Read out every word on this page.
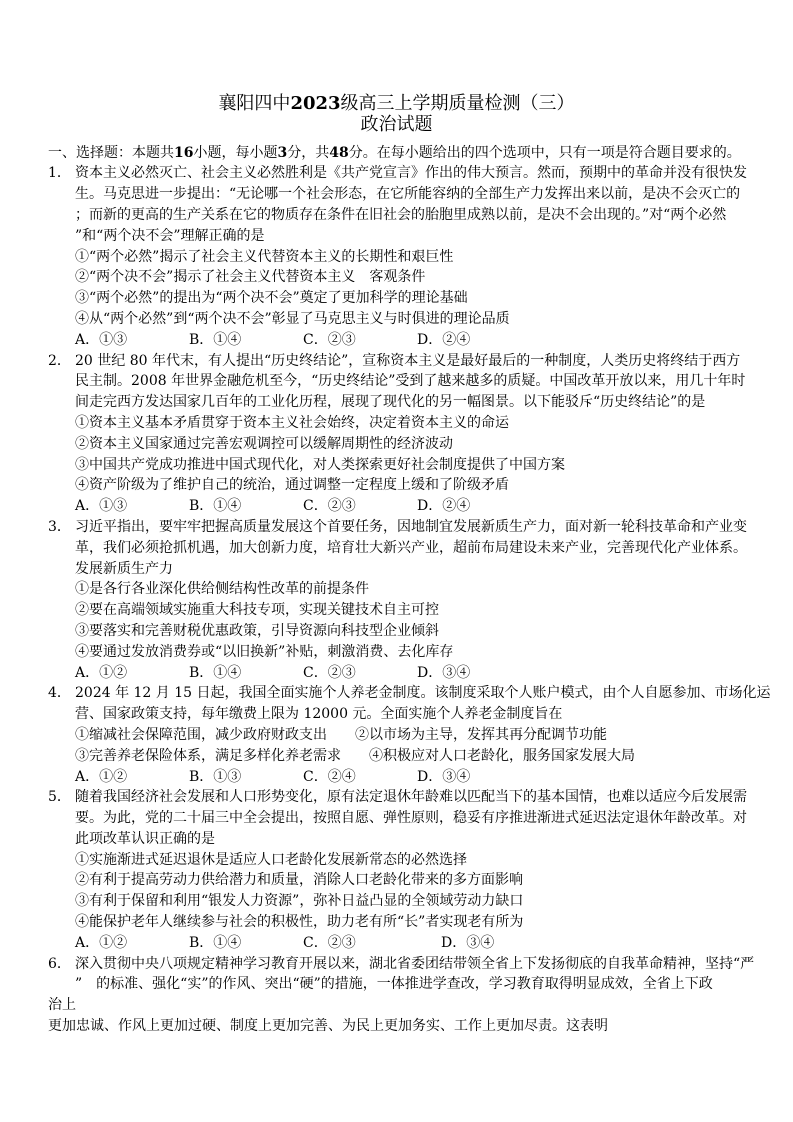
襄阳四中2023级高三上学期质量检测（三）
政治试题
一、选择题：本题共16小题，每小题3分，共48分。在每小题给出的四个选项中，只有一项是符合题目要求的。
1． 资本主义必然灭亡、社会主义必然胜利是《共产党宣言》作出的伟大预言。然而，预期中的革命并没有很快发
生。马克思进一步提出：“无论哪一个社会形态，在它所能容纳的全部生产力发挥出来以前，是决不会灭亡的
；而新的更高的生产关系在它的物质存在条件在旧社会的胎胞里成熟以前，是决不会出现的。”对“两个必然
”和“两个决不会”理解正确的是
①“两个必然”揭示了社会主义代替资本主义的长期性和艰巨性
②“两个决不会”揭示了社会主义代替资本主义　客观条件
③“两个必然”的提出为“两个决不会”奠定了更加科学的理论基础
④从“两个必然”到“两个决不会”彰显了马克思主义与时俱进的理论品质
A．①③	B．①④	C．②③	D．②④
2． 20 世纪 80 年代末，有人提出“历史终结论”，宣称资本主义是最好最后的一种制度，人类历史将终结于西方
民主制。2008 年世界金融危机至今，“历史终结论”受到了越来越多的质疑。中国改革开放以来，用几十年时
间走完西方发达国家几百年的工业化历程，展现了现代化的另一幅图景。以下能驳斥“历史终结论”的是
①资本主义基本矛盾贯穿于资本主义社会始终，决定着资本主义的命运
②资本主义国家通过完善宏观调控可以缓解周期性的经济波动
③中国共产党成功推进中国式现代化，对人类探索更好社会制度提供了中国方案
④资产阶级为了维护自己的统治，通过调整一定程度上缓和了阶级矛盾
A．①③	B．①④	C．②③	D．②④
3． 习近平指出，要牢牢把握高质量发展这个首要任务，因地制宜发展新质生产力，面对新一轮科技革命和产业变
革，我们必须抢抓机遇，加大创新力度，培育壮大新兴产业，超前布局建设未来产业，完善现代化产业体系。
发展新质生产力
①是各行各业深化供给侧结构性改革的前提条件
②要在高端领域实施重大科技专项，实现关键技术自主可控
③要落实和完善财税优惠政策，引导资源向科技型企业倾斜
④要通过发放消费券或“以旧换新”补贴，刺激消费、去化库存
A．①②	B．①④	C．②③	D．③④
4． 2024 年 12 月 15 日起，我国全面实施个人养老金制度。该制度采取个人账户模式，由个人自愿参加、市场化运
营、国家政策支持，每年缴费上限为 12000 元。全面实施个人养老金制度旨在
①缩减社会保障范围，减少政府财政支出 ②以市场为主导，发挥其再分配调节功能
③完善养老保险体系，满足多样化养老需求 ④积极应对人口老龄化，服务国家发展大局
A．①②	B．①③	C．②④	D．③④
5． 随着我国经济社会发展和人口形势变化，原有法定退休年龄难以匹配当下的基本国情，也难以适应今后发展需
要。为此，党的二十届三中全会提出，按照自愿、弹性原则，稳妥有序推进渐进式延迟法定退休年龄改革。对
此项改革认识正确的是
①实施渐进式延迟退休是适应人口老龄化发展新常态的必然选择
②有利于提高劳动力供给潜力和质量，消除人口老龄化带来的多方面影响
③有利于保留和利用“银发人力资源”，弥补日益凸显的全领域劳动力缺口
④能保护老年人继续参与社会的积极性，助力老有所“长”者实现老有所为
A．①②	B．①④	C．②③	D．③④
6． 深入贯彻中央八项规定精神学习教育开展以来，湖北省委团结带领全省上下发扬彻底的自我革命精神，坚持“严
”　的标准、强化“实”的作风、突出“硬”的措施，一体推进学查改，学习教育取得明显成效，全省上下政
治上
更加忠诚、作风上更加过硬、制度上更加完善、为民上更加务实、工作上更加尽责。这表明
